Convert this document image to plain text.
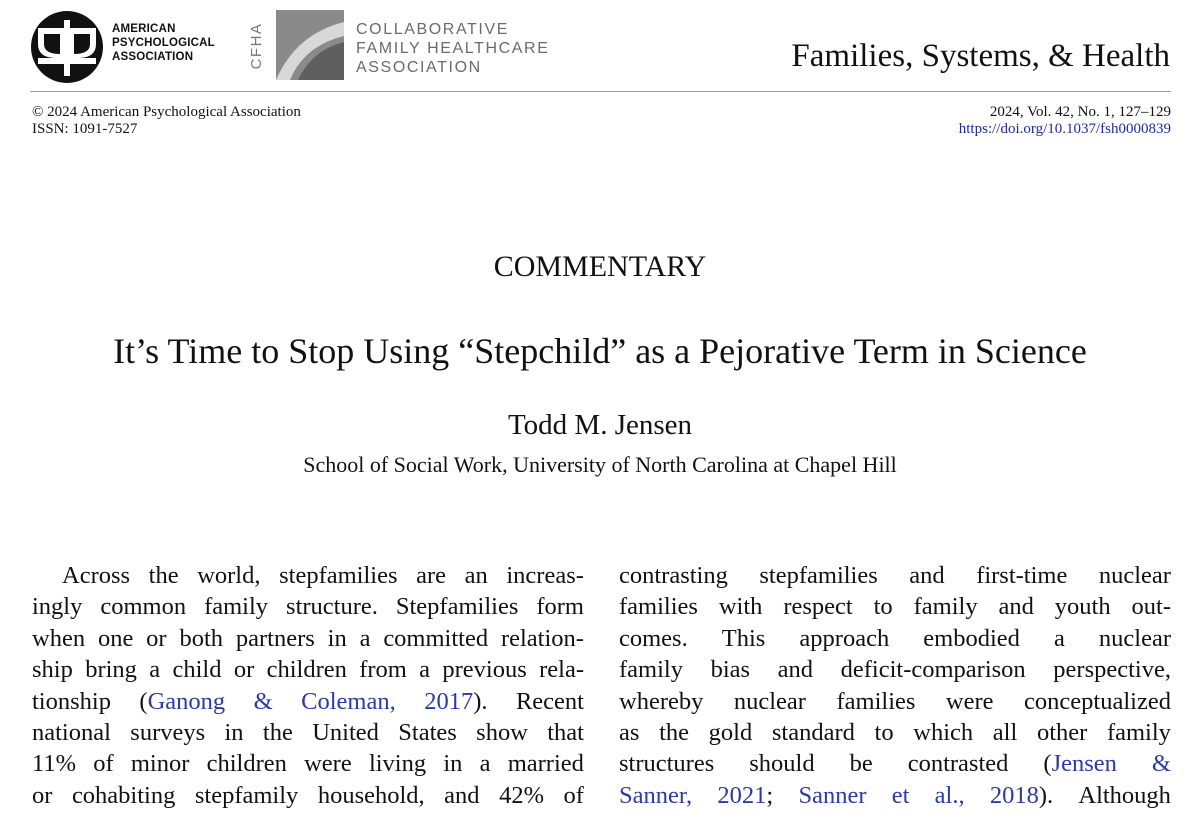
AMERICAN
PSYCHOLOGICAL
ASSOCIATION	CFHA	COLLABORATIVE
FAMILY HEALTHCARE
ASSOCIATION	Families, Systems, & Health
© 2024 American Psychological Association
ISSN: 1091-7527
2024, Vol. 42, No. 1, 127–129
https://doi.org/10.1037/fsh0000839
COMMENTARY
It’s Time to Stop Using “Stepchild” as a Pejorative Term in Science
Todd M. Jensen
School of Social Work, University of North Carolina at Chapel Hill
Across the world, stepfamilies are an increas-
ingly common family structure. Stepfamilies form
when one or both partners in a committed relation-
ship bring a child or children from a previous rela-
tionship (Ganong & Coleman, 2017). Recent
national surveys in the United States show that
11% of minor children were living in a married
or cohabiting stepfamily household, and 42% of
contrasting stepfamilies and first-time nuclear
families with respect to family and youth out-
comes. This approach embodied a nuclear
family bias and deficit-comparison perspective,
whereby nuclear families were conceptualized
as the gold standard to which all other family
structures should be contrasted (Jensen &
Sanner, 2021; Sanner et al., 2018). Although
